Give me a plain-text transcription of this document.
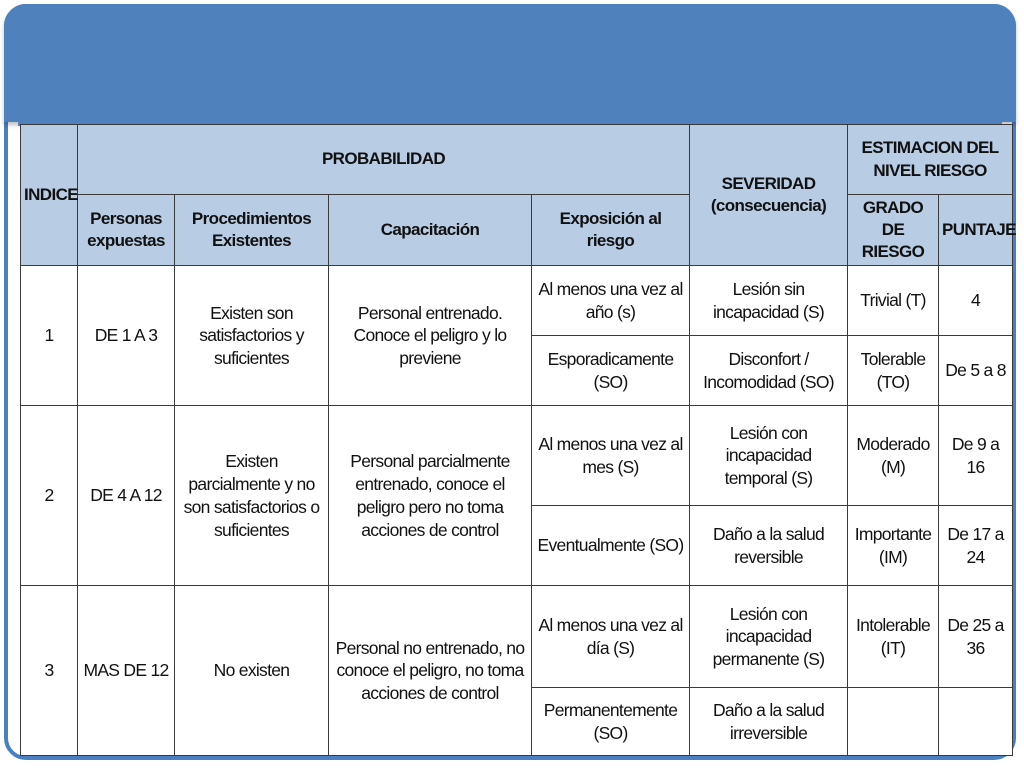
INDICE	PROBABILIDAD				SEVERIDAD (consecuencia)	ESTIMACION DEL NIVEL RIESGO	
	Personas expuestas	Procedimientos Existentes	Capacitación	Exposición al riesgo		GRADO DE RIESGO	PUNTAJE
1	DE 1 A 3	Existen son satisfactorios y suficientes	Personal entrenado. Conoce el peligro y lo previene	Al menos una vez al año (s)	Lesión sin incapacidad (S)	Trivial (T)	4
				Esporadicamente (SO)	Disconfort / Incomodidad (SO)	Tolerable (TO)	De 5 a 8
2	DE 4 A 12	Existen parcialmente y no son satisfactorios o suficientes	Personal parcialmente entrenado, conoce el peligro pero no toma acciones de control	Al menos una vez al mes (S)	Lesión con incapacidad temporal (S)	Moderado (M)	De 9 a 16
				Eventualmente (SO)	Daño a la salud reversible	Importante (IM)	De 17 a 24
3	MAS DE 12	No existen	Personal no entrenado, no conoce el peligro, no toma acciones de control	Al menos una vez al día (S)	Lesión con incapacidad permanente (S)	Intolerable (IT)	De 25 a 36
				Permanentemente (SO)	Daño a la salud irreversible		
